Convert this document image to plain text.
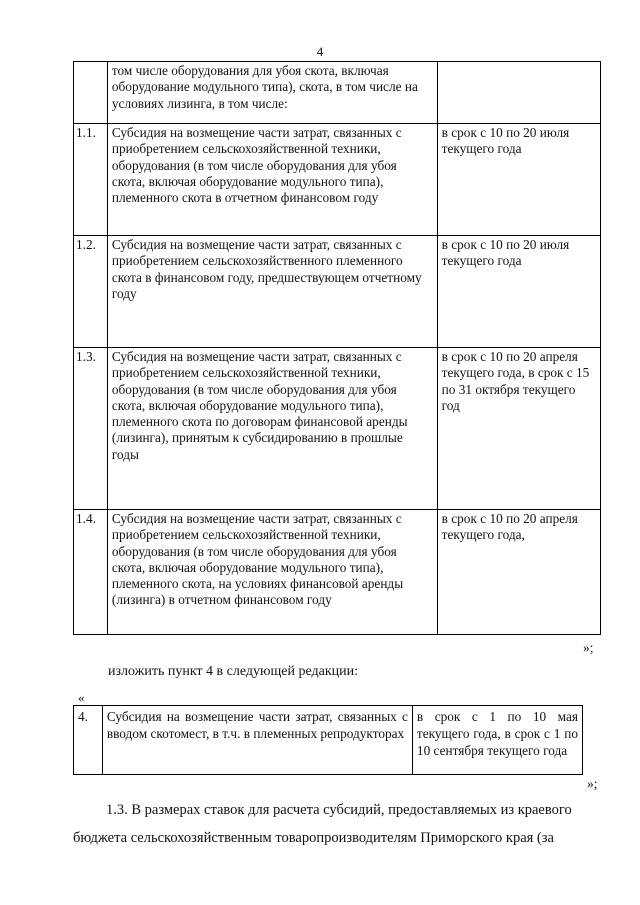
4
	том числе оборудования для убоя скота, включая оборудование модульного типа), скота, в том числе на условиях лизинга, в том числе:	
1.1.	Субсидия на возмещение части затрат, связанных с приобретением сельскохозяйственной техники, оборудования (в том числе оборудования для убоя скота, включая оборудование модульного типа), племенного скота в отчетном финансовом году	в срок с 10 по 20 июля текущего года
1.2.	Субсидия на возмещение части затрат, связанных с приобретением сельскохозяйственного племенного скота в финансовом году, предшествующем отчетному году	в срок с 10 по 20 июля текущего года
1.3.	Субсидия на возмещение части затрат, связанных с приобретением сельскохозяйственной техники, оборудования (в том числе оборудования для убоя скота, включая оборудование модульного типа), племенного скота по договорам финансовой аренды (лизинга), принятым к субсидированию в прошлые годы	в срок с 10 по 20 апреля текущего года, в срок с 15 по 31 октября текущего год
1.4.	Субсидия на возмещение части затрат, связанных с приобретением сельскохозяйственной техники, оборудования (в том числе оборудования для убоя скота, включая оборудование модульного типа), племенного скота, на условиях финансовой аренды (лизинга) в отчетном финансовом году	в срок с 10 по 20 апреля текущего года,
»;
изложить пункт 4 в следующей редакции:
«
4.	Субсидия на возмещение части затрат, связанных с вводом скотомест, в т.ч. в племенных репродукторах	в срок с 1 по 10 мая текущего года, в срок с 1 по 10 сентября текущего года
»;
1.3. В размерах ставок для расчета субсидий, предоставляемых из краевого бюджета сельскохозяйственным товаропроизводителям Приморского края (за
